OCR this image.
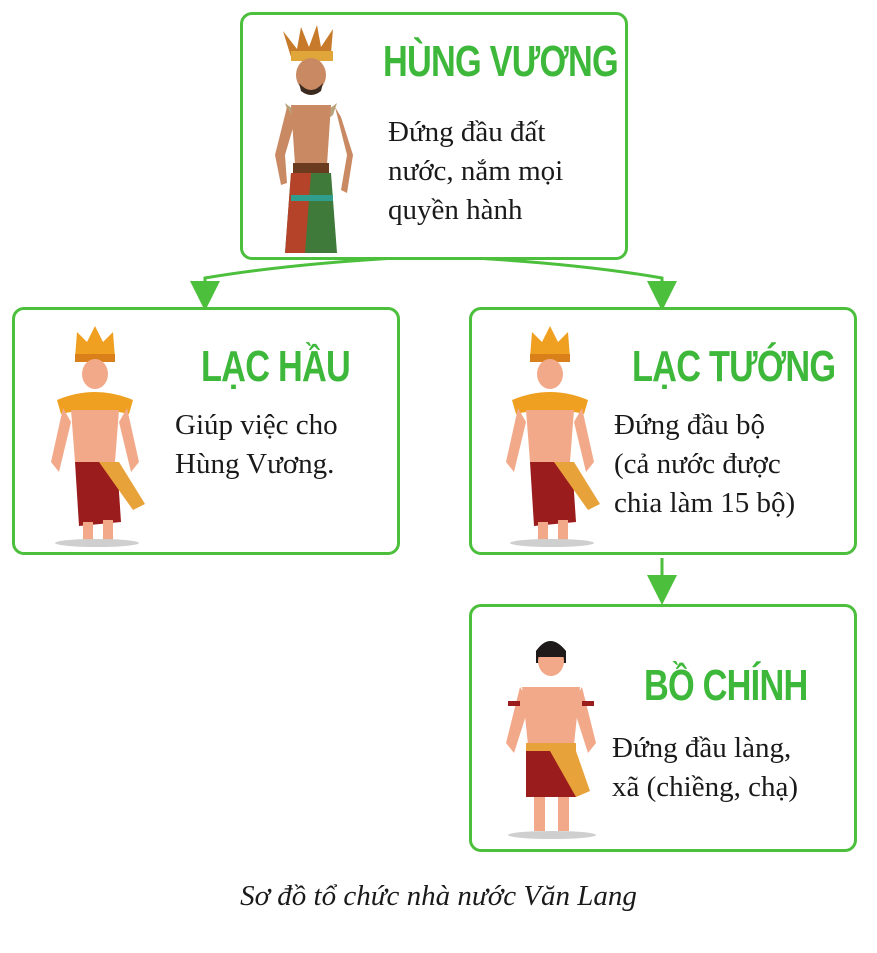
HÙNG VƯƠNG
Đứng đầu đất
nước, nắm mọi
quyền hành
LẠC HẦU
Giúp việc cho
Hùng Vương.
LẠC TƯỚNG
Đứng đầu bộ
(cả nước được
chia làm 15 bộ)
BỒ CHÍNH
Đứng đầu làng,
xã (chiềng, chạ)
Sơ đồ tổ chức nhà nước Văn Lang
